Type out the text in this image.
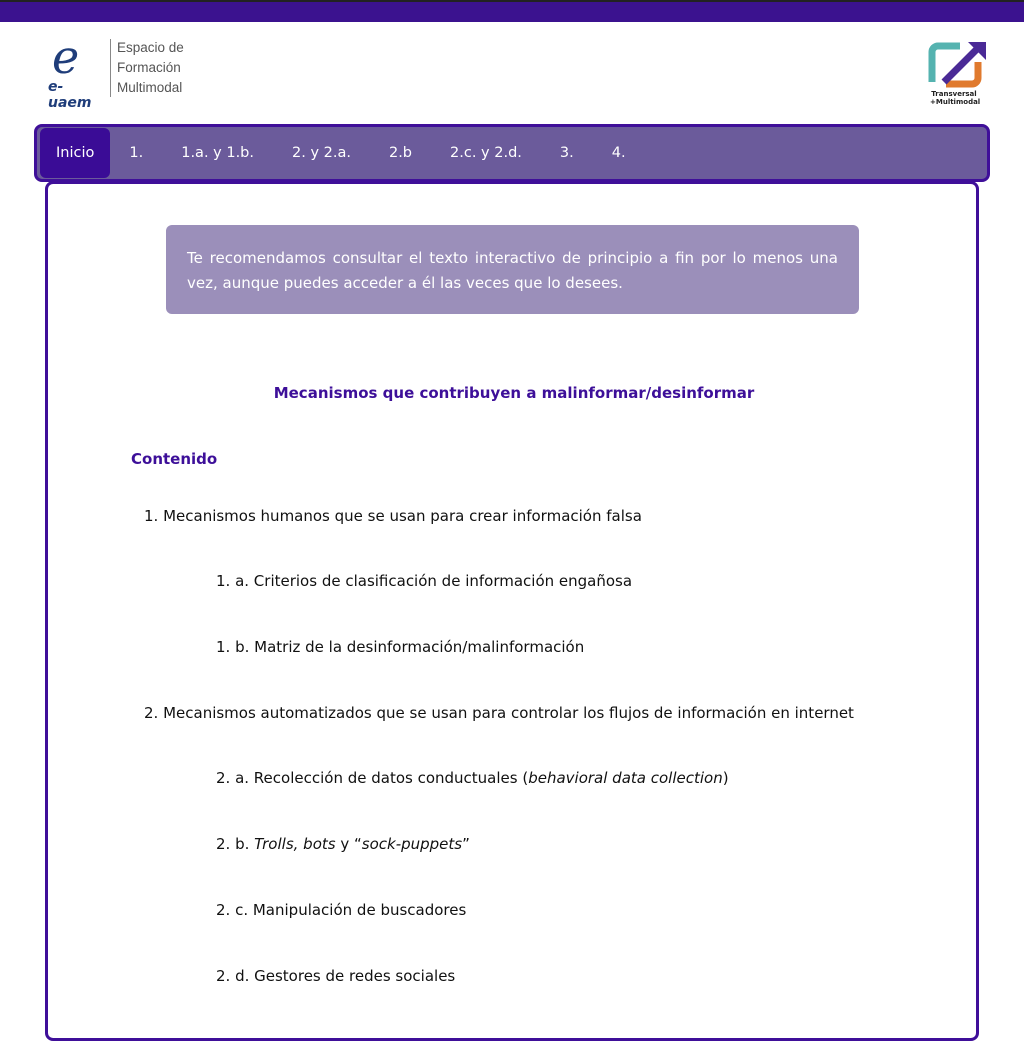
e
e-uaem
Espacio de
Formación
Multimodal	Transversal
+Multimodal
Inicio	1.	1.a. y 1.b.	2. y 2.a.	2.b	2.c. y 2.d.	3.	4.
Te recomendamos consultar el texto interactivo de principio a fin por lo menos una vez, aunque puedes acceder a él las veces que lo desees.
Mecanismos que contribuyen a malinformar/desinformar
Contenido
1. Mecanismos humanos que se usan para crear información falsa
1. a. Criterios de clasificación de información engañosa
1. b. Matriz de la desinformación/malinformación
2. Mecanismos automatizados que se usan para controlar los flujos de información en internet
2. a. Recolección de datos conductuales (behavioral data collection)
2. b. Trolls, bots y “sock-puppets”
2. c. Manipulación de buscadores
2. d. Gestores de redes sociales
